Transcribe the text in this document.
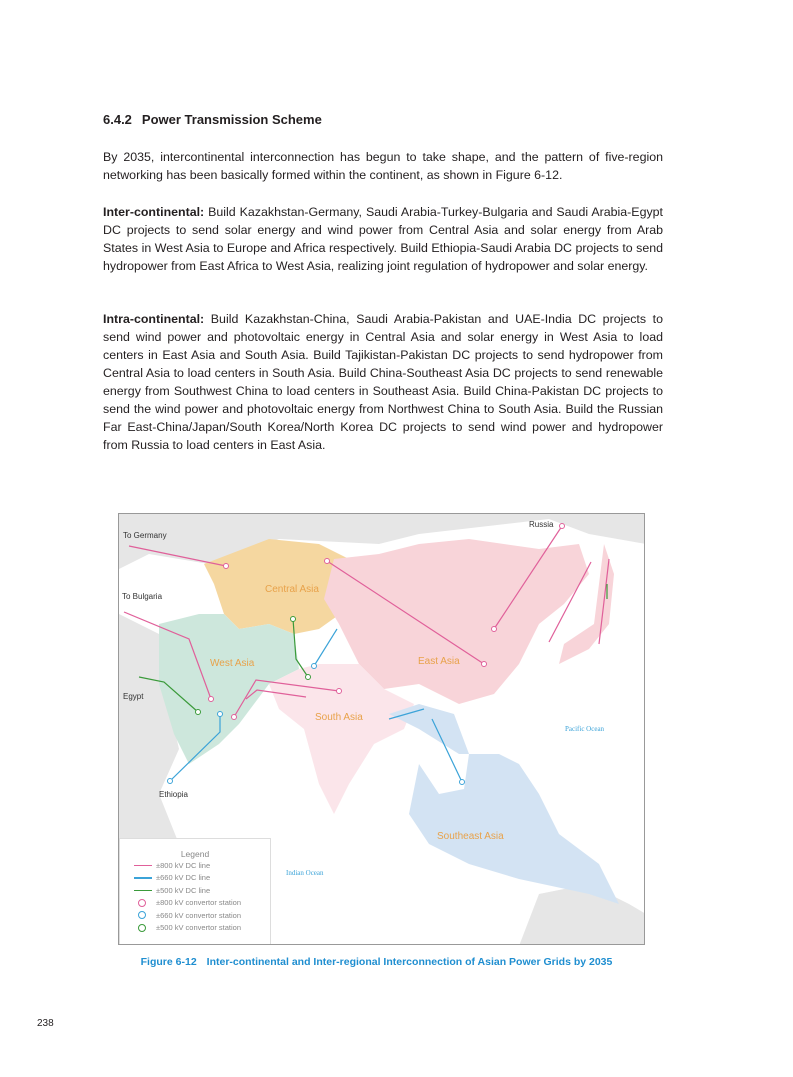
6.4.2 Power Transmission Scheme

By 2035, intercontinental interconnection has begun to take shape, and the pattern of five-region networking has been basically formed within the continent, as shown in Figure 6-12.

Inter-continental: Build Kazakhstan-Germany, Saudi Arabia-Turkey-Bulgaria and Saudi Arabia-Egypt DC projects to send solar energy and wind power from Central Asia and solar energy from Arab States in West Asia to Europe and Africa respectively. Build Ethiopia-Saudi Arabia DC projects to send hydropower from East Africa to West Asia, realizing joint regulation of hydropower and solar energy.

Intra-continental: Build Kazakhstan-China, Saudi Arabia-Pakistan and UAE-India DC projects to send wind power and photovoltaic energy in Central Asia and solar energy in West Asia to load centers in East Asia and South Asia. Build Tajikistan-Pakistan DC projects to send hydropower from Central Asia to load centers in South Asia. Build China-Southeast Asia DC projects to send renewable energy from Southwest China to load centers in Southeast Asia. Build China-Pakistan DC projects to send the wind power and photovoltaic energy from Northwest China to South Asia. Build the Russian Far East-China/Japan/South Korea/North Korea DC projects to send wind power and hydropower from Russia to load centers in East Asia.

To Germany
To Bulgaria
Egypt
Ethiopia
Russia
Central Asia
West Asia	East Asia
South Asia
Southeast Asia
Pacific Ocean
Indian Ocean
Legend
±800 kV DC line
±660 kV DC line
±500 kV DC line
±800 kV convertor station
±660 kV convertor station
±500 kV convertor station
Figure 6-12 Inter-continental and Inter-regional Interconnection of Asian Power Grids by 2035
238
